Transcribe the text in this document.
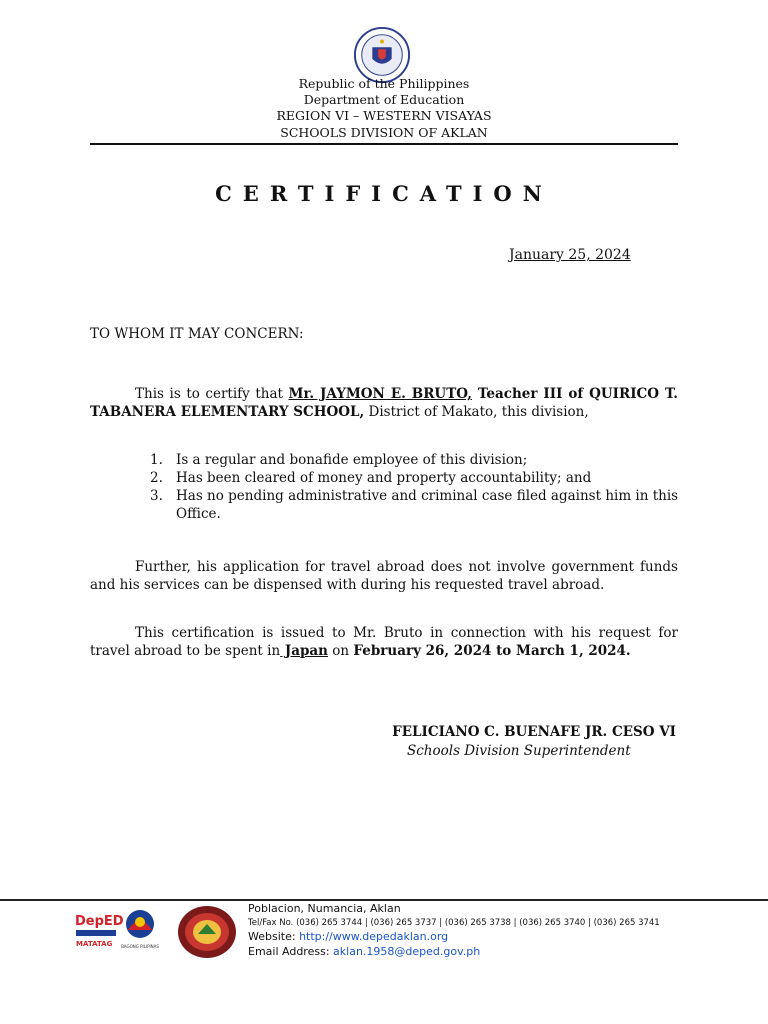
Republic of the Philippines
Department of Education
REGION VI – WESTERN VISAYAS
SCHOOLS DIVISION OF AKLAN
CERTIFICATION
January 25, 2024
TO WHOM IT MAY CONCERN:
This is to certify that Mr. JAYMON E. BRUTO, Teacher III of QUIRICO T. TABANERA ELEMENTARY SCHOOL, District of Makato, this division,
1. Is a regular and bonafide employee of this division;
2. Has been cleared of money and property accountability; and
3. Has no pending administrative and criminal case filed against him in this Office.
Further, his application for travel abroad does not involve government funds and his services can be dispensed with during his requested travel abroad.
This certification is issued to Mr. Bruto in connection with his request for travel abroad to be spent in Japan on February 26, 2024 to March 1, 2024.
FELICIANO C. BUENAFE JR. CESO VI
Schools Division Superintendent
DepED
MATATAG BAGONG PILIPINAS
Poblacion, Numancia, Aklan
Tel/Fax No. (036) 265 3744 | (036) 265 3737 | (036) 265 3738 | (036) 265 3740 | (036) 265 3741
Website: http://www.depedaklan.org
Email Address: aklan.1958@deped.gov.ph
